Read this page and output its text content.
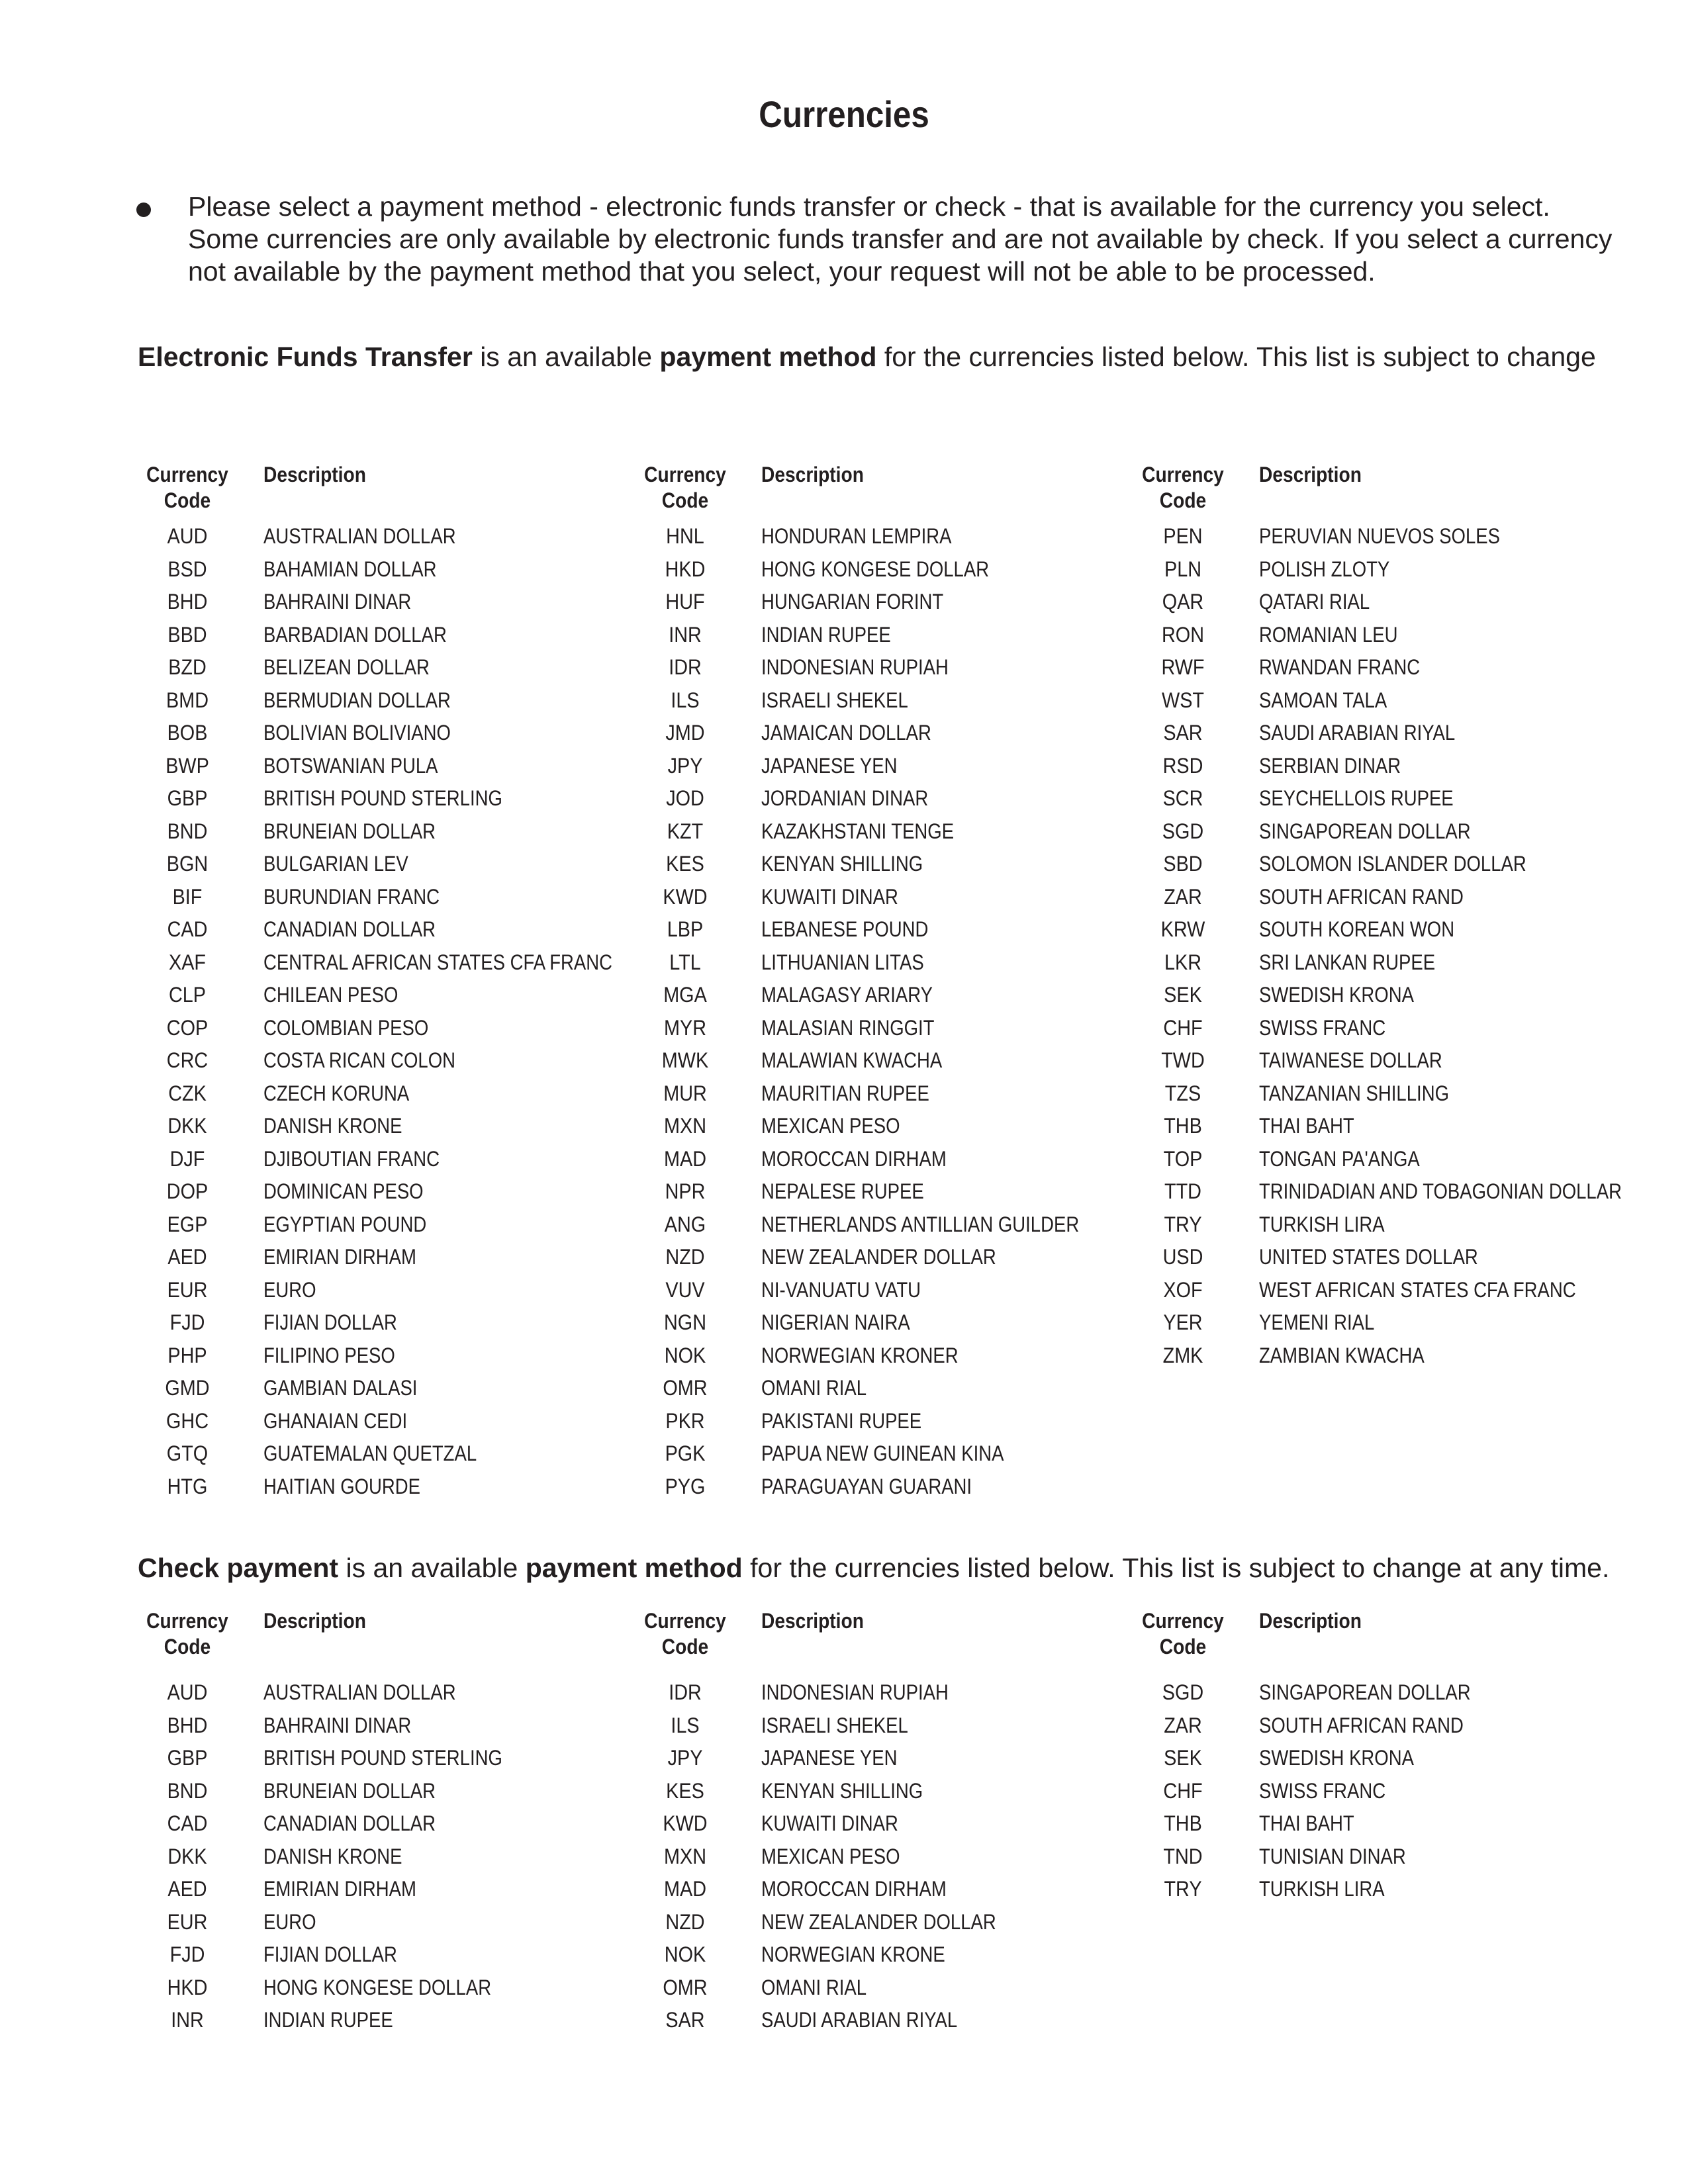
Currencies
Please select a payment method - electronic funds transfer or check - that is available for the currency you select. Some currencies are only available by electronic funds transfer and are not available by check. If you select a currency not available by the payment method that you select, your request will not be able to be processed.
Electronic Funds Transfer is an available payment method for the currencies listed below. This list is subject to change
Currency Code
Description
AUD	AUSTRALIAN DOLLAR
BSD	BAHAMIAN DOLLAR
BHD	BAHRAINI DINAR
BBD	BARBADIAN DOLLAR
BZD	BELIZEAN DOLLAR
BMD	BERMUDIAN DOLLAR
BOB	BOLIVIAN BOLIVIANO
BWP	BOTSWANIAN PULA
GBP	BRITISH POUND STERLING
BND	BRUNEIAN DOLLAR
BGN	BULGARIAN LEV
BIF	BURUNDIAN FRANC
CAD	CANADIAN DOLLAR
XAF	CENTRAL AFRICAN STATES CFA FRANC
CLP	CHILEAN PESO
COP	COLOMBIAN PESO
CRC	COSTA RICAN COLON
CZK	CZECH KORUNA
DKK	DANISH KRONE
DJF	DJIBOUTIAN FRANC
DOP	DOMINICAN PESO
EGP	EGYPTIAN POUND
AED	EMIRIAN DIRHAM
EUR	EURO
FJD	FIJIAN DOLLAR
PHP	FILIPINO PESO
GMD	GAMBIAN DALASI
GHC	GHANAIAN CEDI
GTQ	GUATEMALAN QUETZAL
HTG	HAITIAN GOURDE
Currency Code
Description
HNL	HONDURAN LEMPIRA
HKD	HONG KONGESE DOLLAR
HUF	HUNGARIAN FORINT
INR	INDIAN RUPEE
IDR	INDONESIAN RUPIAH
ILS	ISRAELI SHEKEL
JMD	JAMAICAN DOLLAR
JPY	JAPANESE YEN
JOD	JORDANIAN DINAR
KZT	KAZAKHSTANI TENGE
KES	KENYAN SHILLING
KWD	KUWAITI DINAR
LBP	LEBANESE POUND
LTL	LITHUANIAN LITAS
MGA	MALAGASY ARIARY
MYR	MALASIAN RINGGIT
MWK	MALAWIAN KWACHA
MUR	MAURITIAN RUPEE
MXN	MEXICAN PESO
MAD	MOROCCAN DIRHAM
NPR	NEPALESE RUPEE
ANG	NETHERLANDS ANTILLIAN GUILDER
NZD	NEW ZEALANDER DOLLAR
VUV	NI-VANUATU VATU
NGN	NIGERIAN NAIRA
NOK	NORWEGIAN KRONER
OMR	OMANI RIAL
PKR	PAKISTANI RUPEE
PGK	PAPUA NEW GUINEAN KINA
PYG	PARAGUAYAN GUARANI
Currency Code
Description
PEN	PERUVIAN NUEVOS SOLES
PLN	POLISH ZLOTY
QAR	QATARI RIAL
RON	ROMANIAN LEU
RWF	RWANDAN FRANC
WST	SAMOAN TALA
SAR	SAUDI ARABIAN RIYAL
RSD	SERBIAN DINAR
SCR	SEYCHELLOIS RUPEE
SGD	SINGAPOREAN DOLLAR
SBD	SOLOMON ISLANDER DOLLAR
ZAR	SOUTH AFRICAN RAND
KRW	SOUTH KOREAN WON
LKR	SRI LANKAN RUPEE
SEK	SWEDISH KRONA
CHF	SWISS FRANC
TWD	TAIWANESE DOLLAR
TZS	TANZANIAN SHILLING
THB	THAI BAHT
TOP	TONGAN PA'ANGA
TTD	TRINIDADIAN AND TOBAGONIAN DOLLAR
TRY	TURKISH LIRA
USD	UNITED STATES DOLLAR
XOF	WEST AFRICAN STATES CFA FRANC
YER	YEMENI RIAL
ZMK	ZAMBIAN KWACHA
Check payment is an available payment method for the currencies listed below. This list is subject to change at any time.
Currency Code
Description
AUD	AUSTRALIAN DOLLAR
BHD	BAHRAINI DINAR
GBP	BRITISH POUND STERLING
BND	BRUNEIAN DOLLAR
CAD	CANADIAN DOLLAR
DKK	DANISH KRONE
AED	EMIRIAN DIRHAM
EUR	EURO
FJD	FIJIAN DOLLAR
HKD	HONG KONGESE DOLLAR
INR	INDIAN RUPEE
Currency Code
Description
IDR	INDONESIAN RUPIAH
ILS	ISRAELI SHEKEL
JPY	JAPANESE YEN
KES	KENYAN SHILLING
KWD	KUWAITI DINAR
MXN	MEXICAN PESO
MAD	MOROCCAN DIRHAM
NZD	NEW ZEALANDER DOLLAR
NOK	NORWEGIAN KRONE
OMR	OMANI RIAL
SAR	SAUDI ARABIAN RIYAL
Currency Code
Description
SGD	SINGAPOREAN DOLLAR
ZAR	SOUTH AFRICAN RAND
SEK	SWEDISH KRONA
CHF	SWISS FRANC
THB	THAI BAHT
TND	TUNISIAN DINAR
TRY	TURKISH LIRA
